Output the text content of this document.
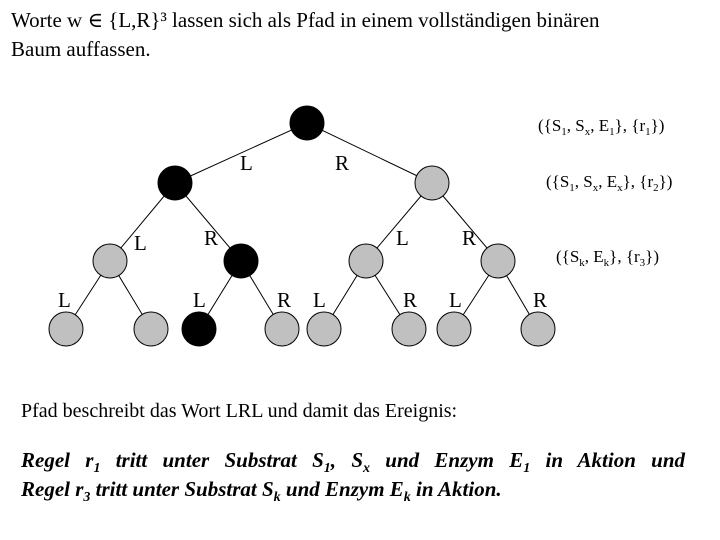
Worte w ∈ {L,R}³ lassen sich als Pfad in einem vollständigen binären
Baum auffassen.

L	R
L	R	L	R
L	L	R L	R L	R
({$S_1$, $S_x$, $E_1$}, $\{r_1\}$)
({$S_1$, $S_x$, $E_x$}, $\{r_2\}$)
({$S_k$, $E_k$}, $\{r_3\}$)

Pfad beschreibt das Wort LRL und damit das Ereignis:

Regel $r_1$ tritt unter Substrat $S_1$, $S_x$ und Enzym $E_1$ in Aktion und

Regel $r_3$ tritt unter Substrat $S_k$ und Enzym $E_k$ in Aktion.
